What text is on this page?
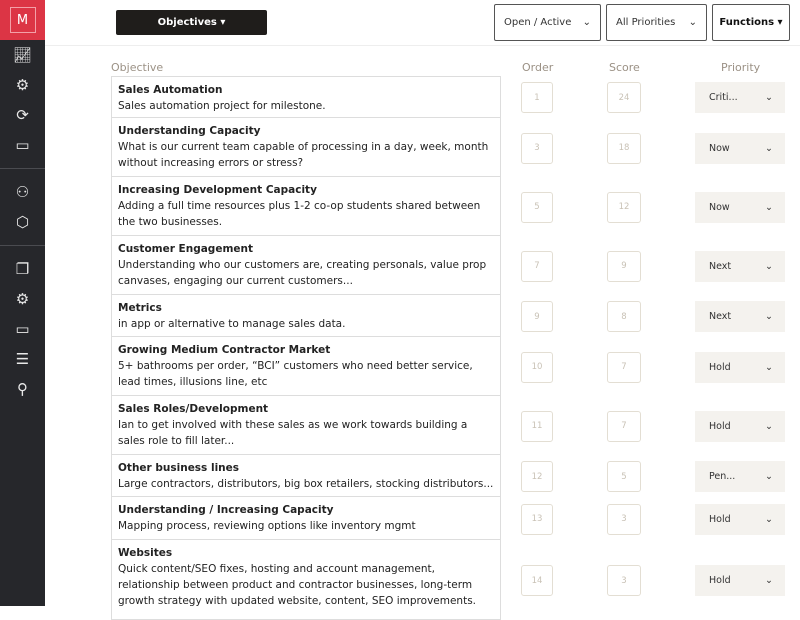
M
📈︎
⚙
⟳
▭
⚇
⬡
❐
⚙
▭
☰
⚲
Objectives ▾	Open / Active ⌄	All Priorities ⌄ Functions ▾
Objective	Order	Score	Priority
Sales Automation
Sales automation project for milestone.
1	24	Criti...	⌄
Understanding Capacity
What is our current team capable of processing in a day, week, month without increasing errors or stress?
3	18	Now	⌄
Increasing Development Capacity
Adding a full time resources plus 1-2 co-op students shared between the two businesses.
5	12	Now	⌄
Customer Engagement
Understanding who our customers are, creating personals, value prop canvases, engaging our current customers...
7	9	Next	⌄
Metrics
in app or alternative to manage sales data.
9	8	Next	⌄
Growing Medium Contractor Market
5+ bathrooms per order, “BCI” customers who need better service, lead times, illusions line, etc
10	7	Hold	⌄
Sales Roles/Development
Ian to get involved with these sales as we work towards building a sales role to fill later...
11	7	Hold	⌄
Other business lines
Large contractors, distributors, big box retailers, stocking distributors...
12	5	Pen...	⌄
Understanding / Increasing Capacity
Mapping process, reviewing options like inventory mgmt
13	3	Hold	⌄
Websites
Quick content/SEO fixes, hosting and account management, relationship between product and contractor businesses, long-term growth strategy with updated website, content, SEO improvements.
14	3	Hold	⌄
